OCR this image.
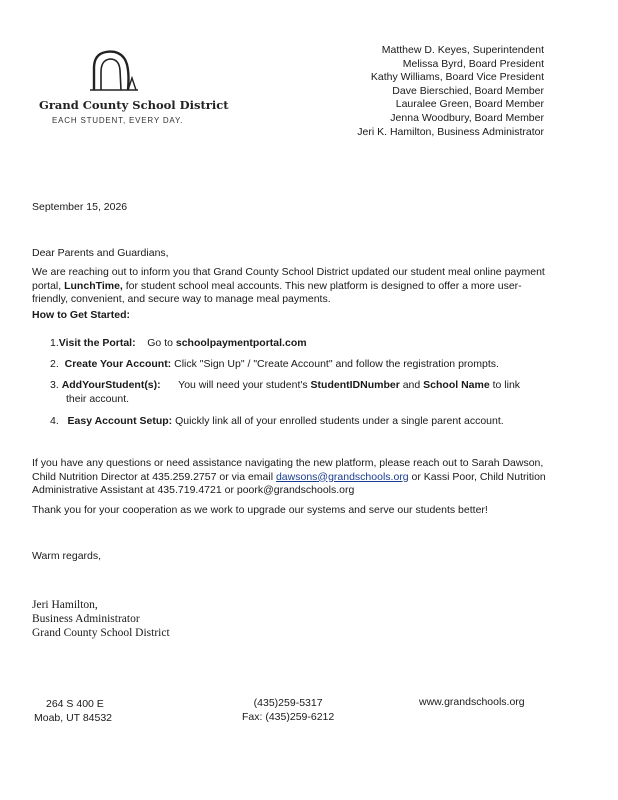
Grand County School District
EACH STUDENT, EVERY DAY.
Matthew D. Keyes, Superintendent
Melissa Byrd, Board President
Kathy Williams, Board Vice President
Dave Bierschied, Board Member
Lauralee Green, Board Member
Jenna Woodbury, Board Member
Jeri K. Hamilton, Business Administrator
September 15, 2026
Dear Parents and Guardians,
We are reaching out to inform you that Grand County School District updated our student meal online payment portal, LunchTime, for student school meal accounts. This new platform is designed to offer a more user-friendly, convenient, and secure way to manage meal payments.
How to Get Started:
1.Visit the Portal: Go to schoolpaymentportal.com
2. Create Your Account: Click "Sign Up" / "Create Account" and follow the registration prompts.
3. AddYourStudent(s): You will need your student's StudentIDNumber and School Name to link
their account.
4. Easy Account Setup: Quickly link all of your enrolled students under a single parent account.
If you have any questions or need assistance navigating the new platform, please reach out to Sarah Dawson, Child Nutrition Director at 435.259.2757 or via email dawsons@grandschools.org or Kassi Poor, Child Nutrition Administrative Assistant at 435.719.4721 or poork@grandschools.org
Thank you for your cooperation as we work to upgrade our systems and serve our students better!
Warm regards,
Jeri Hamilton,
Business Administrator
Grand County School District
264 S 400 E
Moab, UT 84532
(435)259-5317
Fax: (435)259-6212
www.grandschools.org
